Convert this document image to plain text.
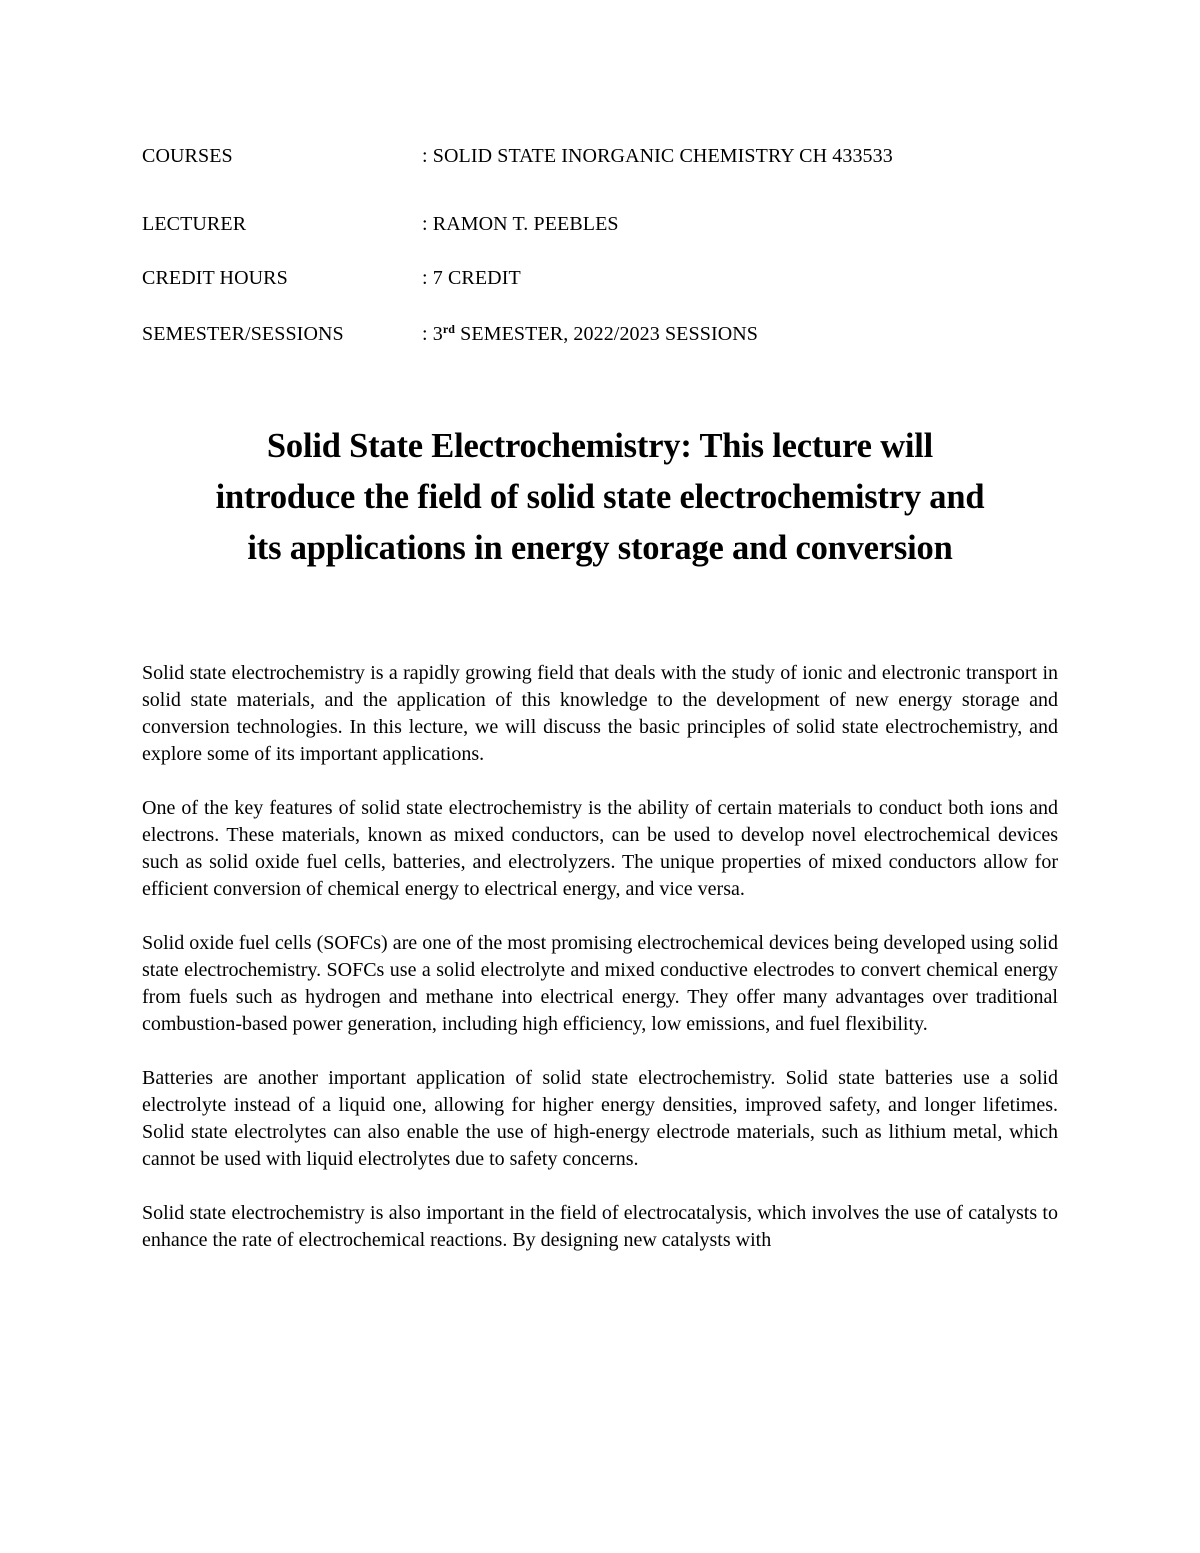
COURSES	: SOLID STATE INORGANIC CHEMISTRY CH 433533
LECTURER	: RAMON T. PEEBLES
CREDIT HOURS	: 7 CREDIT
SEMESTER/SESSIONS	: 3rd SEMESTER, 2022/2023 SESSIONS
Solid State Electrochemistry: This lecture will
introduce the field of solid state electrochemistry and
its applications in energy storage and conversion

Solid state electrochemistry is a rapidly growing field that deals with the study of ionic and electronic transport in solid state materials, and the application of this knowledge to the development of new energy storage and conversion technologies. In this lecture, we will discuss the basic principles of solid state electrochemistry, and explore some of its important applications.

One of the key features of solid state electrochemistry is the ability of certain materials to conduct both ions and electrons. These materials, known as mixed conductors, can be used to develop novel electrochemical devices such as solid oxide fuel cells, batteries, and electrolyzers. The unique properties of mixed conductors allow for efficient conversion of chemical energy to electrical energy, and vice versa.

Solid oxide fuel cells (SOFCs) are one of the most promising electrochemical devices being developed using solid state electrochemistry. SOFCs use a solid electrolyte and mixed conductive electrodes to convert chemical energy from fuels such as hydrogen and methane into electrical energy. They offer many advantages over traditional combustion-based power generation, including high efficiency, low emissions, and fuel flexibility.

Batteries are another important application of solid state electrochemistry. Solid state batteries use a solid electrolyte instead of a liquid one, allowing for higher energy densities, improved safety, and longer lifetimes. Solid state electrolytes can also enable the use of high-energy electrode materials, such as lithium metal, which cannot be used with liquid electrolytes due to safety concerns.

Solid state electrochemistry is also important in the field of electrocatalysis, which involves the use of catalysts to enhance the rate of electrochemical reactions. By designing new catalysts with
